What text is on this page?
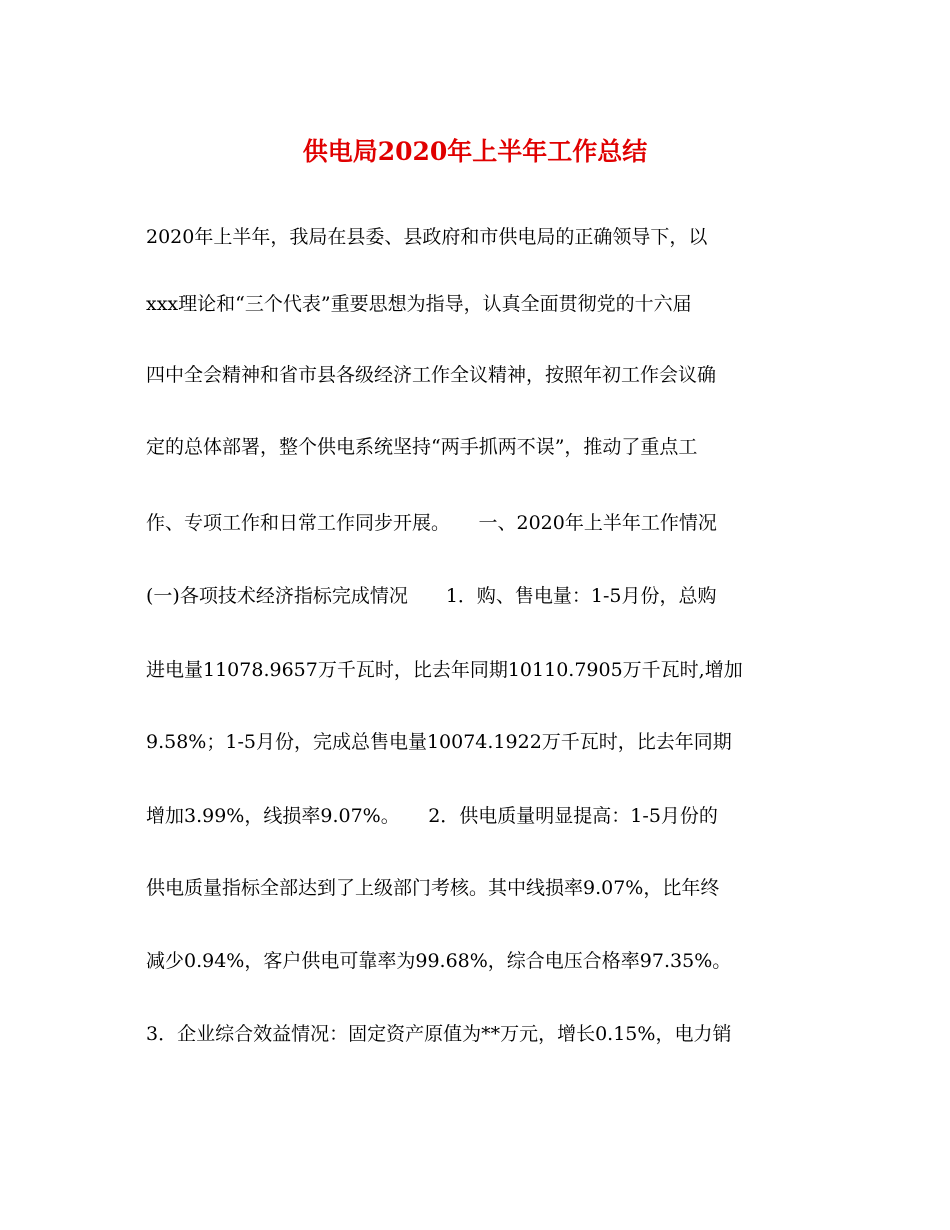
供电局2020年上半年工作总结
2020年上半年，我局在县委、县政府和市供电局的正确领导下，以
xxx理论和“三个代表”重要思想为指导，认真全面贯彻党的十六届
四中全会精神和省市县各级经济工作全议精神，按照年初工作会议确
定的总体部署，整个供电系统坚持“两手抓两不误”，推动了重点工
作、专项工作和日常工作同步开展。　　一、2020年上半年工作情况
(一)各项技术经济指标完成情况　　1．购、售电量：1-5月份，总购
进电量11078.9657万千瓦时，比去年同期10110.7905万千瓦时,增加
9.58%；1-5月份，完成总售电量10074.1922万千瓦时，比去年同期
增加3.99%，线损率9.07%。　　2．供电质量明显提高：1-5月份的
供电质量指标全部达到了上级部门考核。其中线损率9.07%，比年终
减少0.94%，客户供电可靠率为99.68%，综合电压合格率97.35%。
3．企业综合效益情况：固定资产原值为**万元，增长0.15%，电力销
